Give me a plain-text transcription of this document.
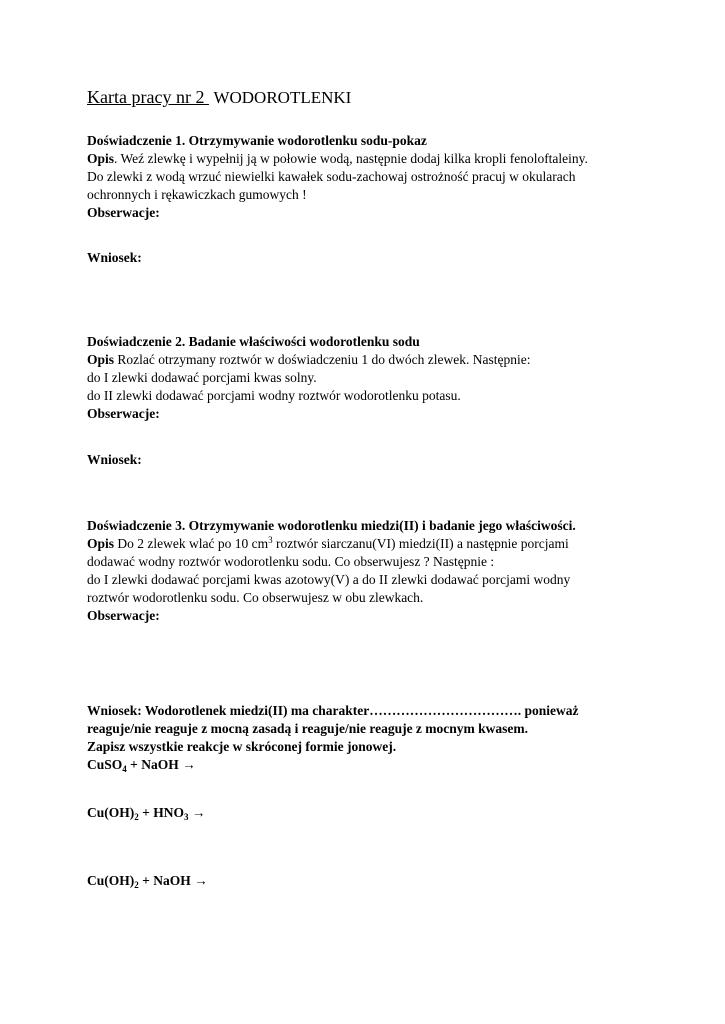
Karta pracy nr 2 WODOROTLENKI
Doświadczenie 1. Otrzymywanie wodorotlenku sodu-pokaz
Opis. Weź zlewkę i wypełnij ją w połowie wodą, następnie dodaj kilka kropli fenoloftaleiny.
Do zlewki z wodą wrzuć niewielki kawałek sodu-zachowaj ostrożność pracuj w okularach
ochronnych i rękawiczkach gumowych !
Obserwacje:
Wniosek:
Doświadczenie 2. Badanie właściwości wodorotlenku sodu
Opis Rozlać otrzymany roztwór w doświadczeniu 1 do dwóch zlewek. Następnie:
do I zlewki dodawać porcjami kwas solny.
do II zlewki dodawać porcjami wodny roztwór wodorotlenku potasu.
Obserwacje:
Wniosek:
Doświadczenie 3. Otrzymywanie wodorotlenku miedzi(II) i badanie jego właściwości.
Opis Do 2 zlewek wlać po 10 $cm^3$ roztwór siarczanu(VI) miedzi(II) a następnie porcjami
dodawać wodny roztwór wodorotlenku sodu. Co obserwujesz ? Następnie :
do I zlewki dodawać porcjami kwas azotowy(V) a do II zlewki dodawać porcjami wodny
roztwór wodorotlenku sodu. Co obserwujesz w obu zlewkach.
Obserwacje:
Wniosek: Wodorotlenek miedzi(II) ma charakter……………………………. ponieważ
reaguje/nie reaguje z mocną zasadą i reaguje/nie reaguje z mocnym kwasem.
Zapisz wszystkie reakcje w skróconej formie jonowej.
CuSO$_4$ + NaOH →
$Cu(OH)_2 + HNO_3$ →
$Cu(OH)_2$ + NaOH →
